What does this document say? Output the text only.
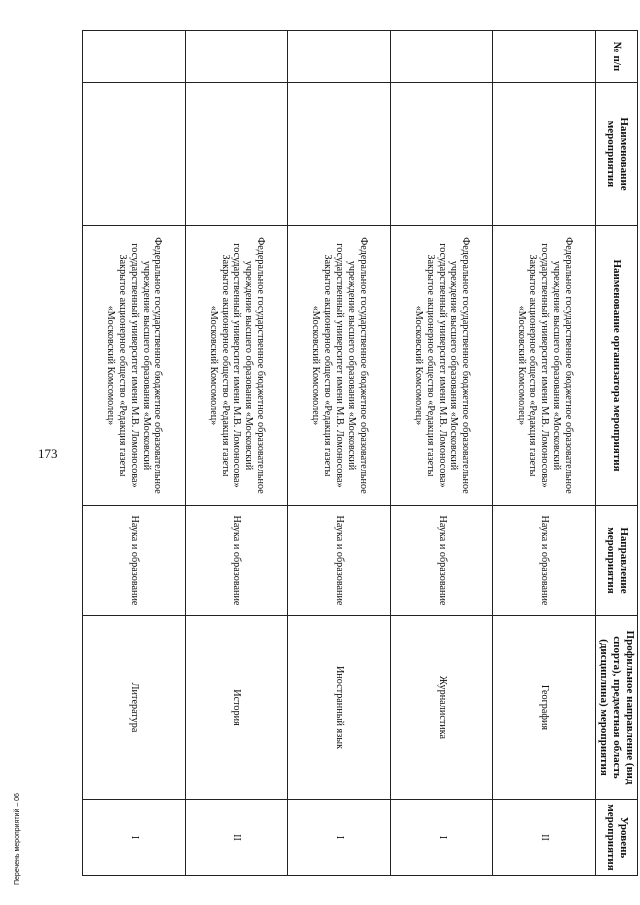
173
№ п/п	Наименование мероприятия	Наименование организатора мероприятия	Направление мероприятия	Профильное направление (вид спорта), предметная область (дисциплина) мероприятия	Уровень мероприятия
		Федеральное государственное бюджетное образовательное учреждение высшего образования «Московский государственный университет имени М.В. Ломоносова» Закрытое акционерное общество «Редакция газеты «Московский Комсомолец»	Наука и образование	География	II
		Федеральное государственное бюджетное образовательное учреждение высшего образования «Московский государственный университет имени М.В. Ломоносова» Закрытое акционерное общество «Редакция газеты «Московский Комсомолец»	Наука и образование	Журналистика	I
		Федеральное государственное бюджетное образовательное учреждение высшего образования «Московский государственный университет имени М.В. Ломоносова» Закрытое акционерное общество «Редакция газеты «Московский Комсомолец»	Наука и образование	Иностранный язык	I
		Федеральное государственное бюджетное образовательное учреждение высшего образования «Московский государственный университет имени М.В. Ломоносова» Закрытое акционерное общество «Редакция газеты «Московский Комсомолец»	Наука и образование	История	II
		Федеральное государственное бюджетное образовательное учреждение высшего образования «Московский государственный университет имени М.В. Ломоносова» Закрытое акционерное общество «Редакция газеты «Московский Комсомолец»	Наука и образование	Литература	I
Перечень мероприятий – 06
